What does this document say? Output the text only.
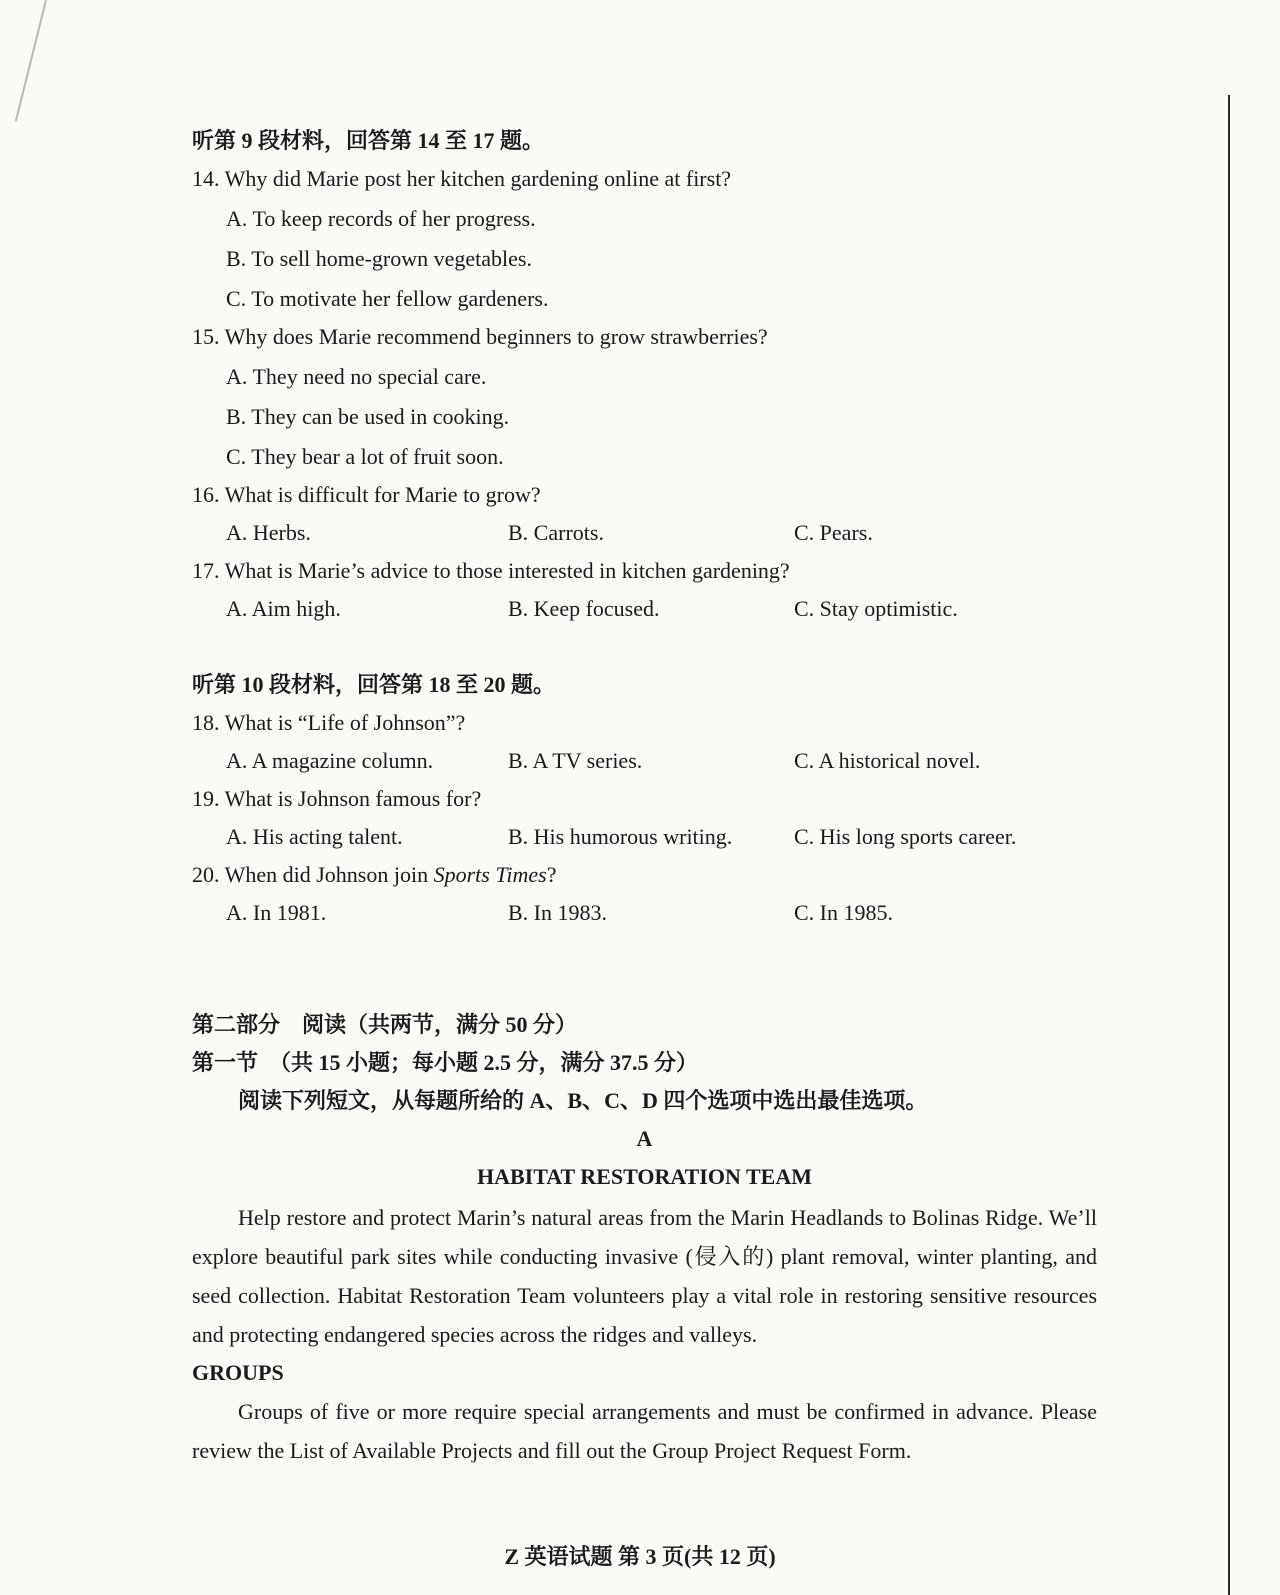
听第 9 段材料，回答第 14 至 17 题。
14. Why did Marie post her kitchen gardening online at first?
A. To keep records of her progress.
B. To sell home-grown vegetables.
C. To motivate her fellow gardeners.
15. Why does Marie recommend beginners to grow strawberries?
A. They need no special care.
B. They can be used in cooking.
C. They bear a lot of fruit soon.
16. What is difficult for Marie to grow?
A. Herbs.	B. Carrots.	C. Pears.
17. What is Marie’s advice to those interested in kitchen gardening?
A. Aim high.	B. Keep focused.	C. Stay optimistic.
听第 10 段材料，回答第 18 至 20 题。
18. What is “Life of Johnson”?
A. A magazine column.	B. A TV series.	C. A historical novel.
19. What is Johnson famous for?
A. His acting talent.	B. His humorous writing.	C. His long sports career.
20. When did Johnson join Sports Times?
A. In 1981.	B. In 1983.	C. In 1985.
第二部分　阅读（共两节，满分 50 分）
第一节　（共 15 小题；每小题 2.5 分，满分 37.5 分）
阅读下列短文，从每题所给的 A、B、C、D 四个选项中选出最佳选项。
A
HABITAT RESTORATION TEAM
Help restore and protect Marin’s natural areas from the Marin Headlands to Bolinas Ridge. We’ll explore beautiful park sites while conducting invasive (侵入的) plant removal, winter planting, and seed collection. Habitat Restoration Team volunteers play a vital role in restoring sensitive resources and protecting endangered species across the ridges and valleys.
GROUPS
Groups of five or more require special arrangements and must be confirmed in advance. Please review the List of Available Projects and fill out the Group Project Request Form.
Z 英语试题 第 3 页(共 12 页)
